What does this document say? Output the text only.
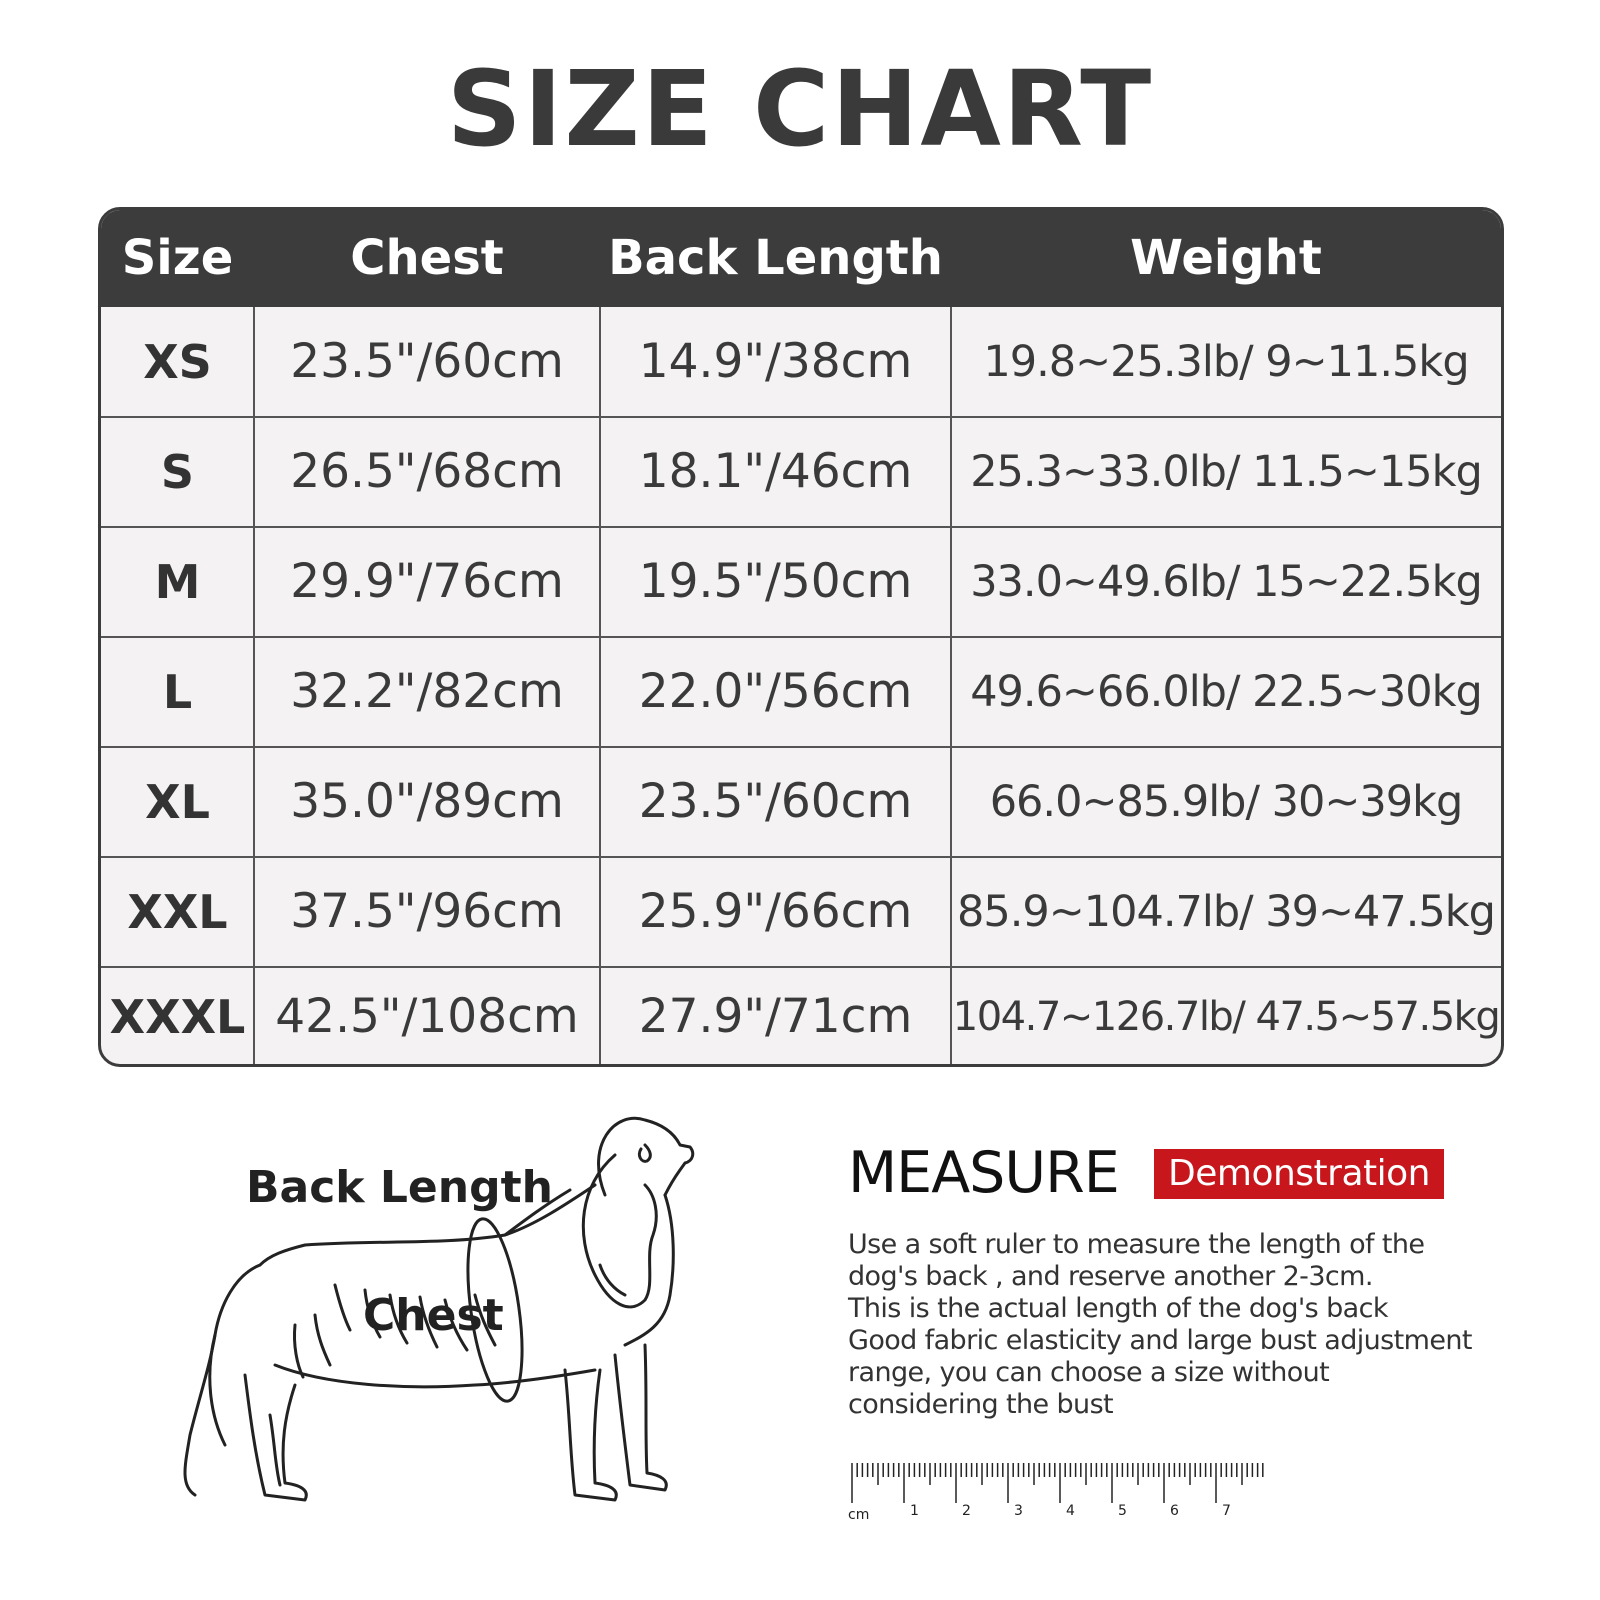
SIZE CHART
Size	Chest	Back Length	Weight
XS	23.5"/60cm	14.9"/38cm	19.8~25.3lb/ 9~11.5kg
S	26.5"/68cm	18.1"/46cm	25.3~33.0lb/ 11.5~15kg
M	29.9"/76cm	19.5"/50cm	33.0~49.6lb/ 15~22.5kg
L	32.2"/82cm	22.0"/56cm	49.6~66.0lb/ 22.5~30kg
XL	35.0"/89cm	23.5"/60cm	66.0~85.9lb/ 30~39kg
XXL	37.5"/96cm	25.9"/66cm	85.9~104.7lb/ 39~47.5kg
XXXL 42.5"/108cm	27.9"/71cm	104.7~126.7lb/ 47.5~57.5kg
Back Length
Chest
MEASURE	Demonstration
Use a soft ruler to measure the length of the
dog's back , and reserve another 2-3cm.
This is the actual length of the dog's back
Good fabric elasticity and large bust adjustment
range, you can choose a size without
considering the bust
cm	1	2	3	4	5	6	7
